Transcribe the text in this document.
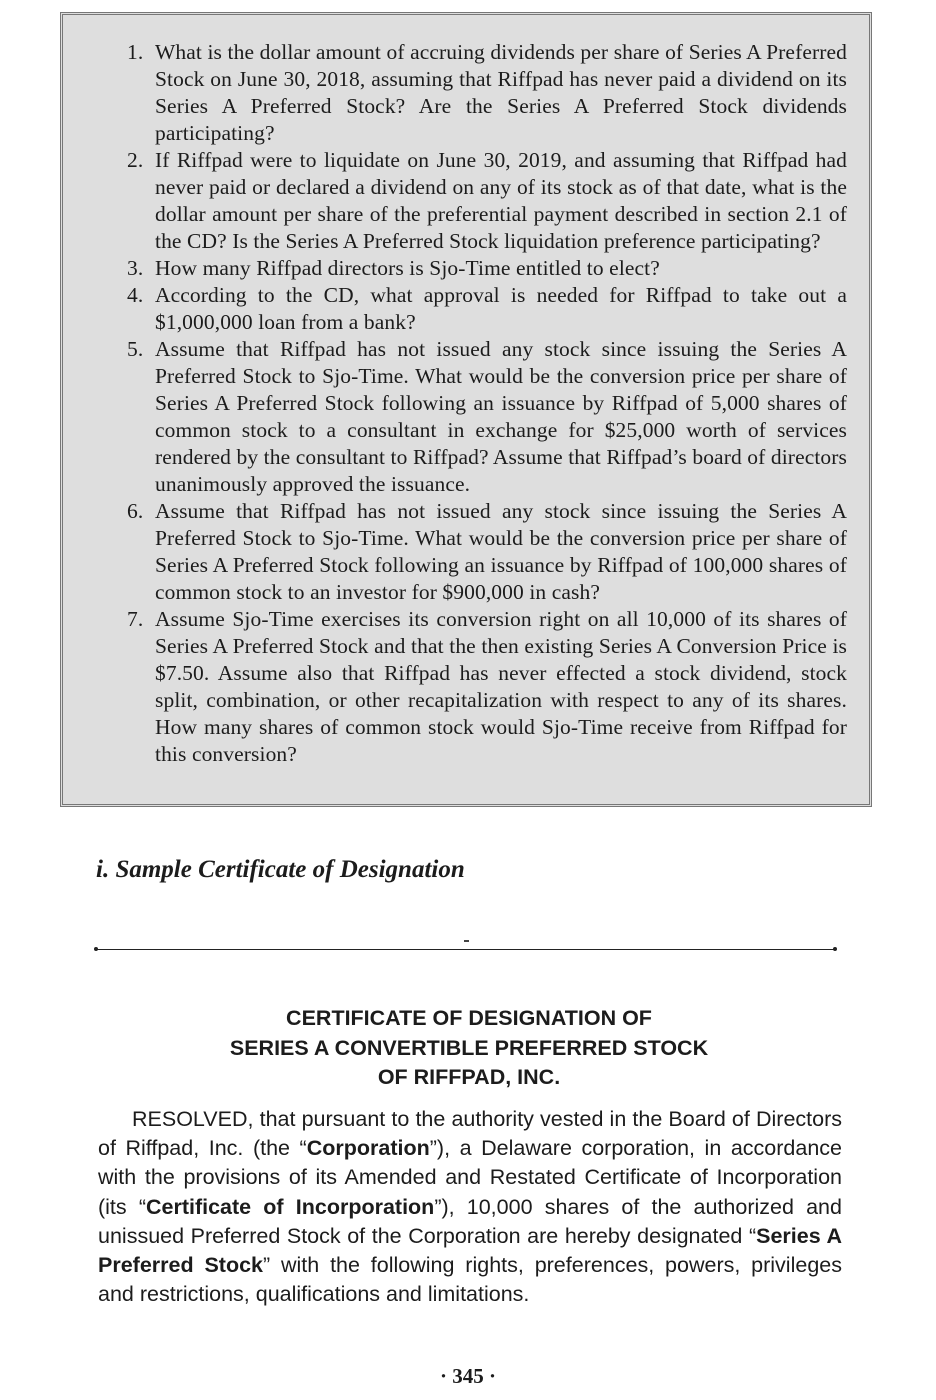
1. What is the dollar amount of accruing dividends per share of Series A Preferred Stock on June 30, 2018, assuming that Riffpad has never paid a dividend on its Series A Preferred Stock? Are the Series A Preferred Stock dividends participating?
2. If Riffpad were to liquidate on June 30, 2019, and assuming that Riffpad had never paid or declared a dividend on any of its stock as of that date, what is the dollar amount per share of the preferential payment described in section 2.1 of the CD? Is the Series A Preferred Stock liquidation preference participating?
3. How many Riffpad directors is Sjo-Time entitled to elect?
4. According to the CD, what approval is needed for Riffpad to take out a $1,000,000 loan from a bank?
5. Assume that Riffpad has not issued any stock since issuing the Series A Preferred Stock to Sjo-Time. What would be the conversion price per share of Series A Preferred Stock following an issuance by Riffpad of 5,000 shares of common stock to a consultant in exchange for $25,000 worth of services rendered by the consultant to Riffpad? Assume that Riffpad’s board of directors unanimously approved the issuance.
6. Assume that Riffpad has not issued any stock since issuing the Series A Preferred Stock to Sjo-Time. What would be the conversion price per share of Series A Preferred Stock following an issuance by Riffpad of 100,000 shares of common stock to an investor for $900,000 in cash?
7. Assume Sjo-Time exercises its conversion right on all 10,000 of its shares of Series A Preferred Stock and that the then existing Series A Conversion Price is $7.50. Assume also that Riffpad has never effected a stock dividend, stock split, combination, or other recapitalization with respect to any of its shares. How many shares of common stock would Sjo-Time receive from Riffpad for this conversion?
i. Sample Certificate of Designation
CERTIFICATE OF DESIGNATION OF
SERIES A CONVERTIBLE PREFERRED STOCK
OF RIFFPAD, INC.

RESOLVED, that pursuant to the authority vested in the Board of Directors of Riffpad, Inc. (the “Corporation”), a Delaware corporation, in accordance with the provisions of its Amended and Restated Certificate of Incorporation (its “Certificate of Incorporation”), 10,000 shares of the authorized and unissued Preferred Stock of the Corporation are hereby designated “Series A Preferred Stock” with the following rights, preferences, powers, privileges and restrictions, qualifications and limitations.

· 345 ·
